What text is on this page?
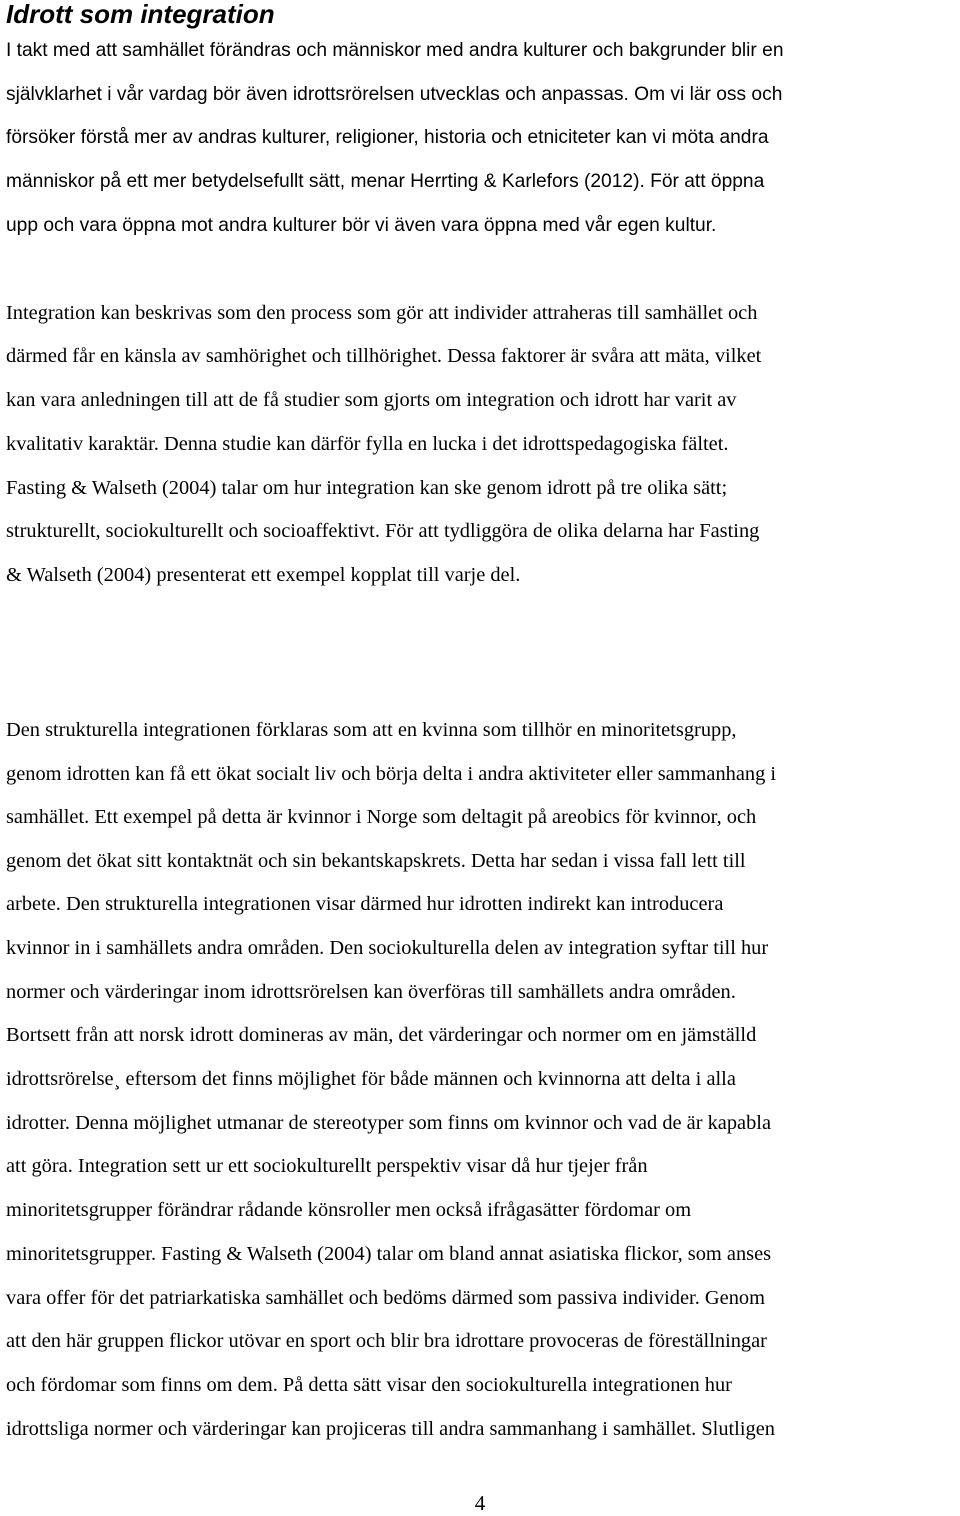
Idrott som integration

I takt med att samhället förändras och människor med andra kulturer och bakgrunder blir en

självklarhet i vår vardag bör även idrottsrörelsen utvecklas och anpassas. Om vi lär oss och

försöker förstå mer av andras kulturer, religioner, historia och etniciteter kan vi möta andra

människor på ett mer betydelsefullt sätt, menar Herrting & Karlefors (2012). För att öppna

upp och vara öppna mot andra kulturer bör vi även vara öppna med vår egen kultur.

Integration kan beskrivas som den process som gör att individer attraheras till samhället och

därmed får en känsla av samhörighet och tillhörighet. Dessa faktorer är svåra att mäta, vilket

kan vara anledningen till att de få studier som gjorts om integration och idrott har varit av

kvalitativ karaktär. Denna studie kan därför fylla en lucka i det idrottspedagogiska fältet.

Fasting & Walseth (2004) talar om hur integration kan ske genom idrott på tre olika sätt;

strukturellt, sociokulturellt och socioaffektivt. För att tydliggöra de olika delarna har Fasting

& Walseth (2004) presenterat ett exempel kopplat till varje del.

Den strukturella integrationen förklaras som att en kvinna som tillhör en minoritetsgrupp,

genom idrotten kan få ett ökat socialt liv och börja delta i andra aktiviteter eller sammanhang i

samhället. Ett exempel på detta är kvinnor i Norge som deltagit på areobics för kvinnor, och

genom det ökat sitt kontaktnät och sin bekantskapskrets. Detta har sedan i vissa fall lett till

arbete. Den strukturella integrationen visar därmed hur idrotten indirekt kan introducera

kvinnor in i samhällets andra områden. Den sociokulturella delen av integration syftar till hur

normer och värderingar inom idrottsrörelsen kan överföras till samhällets andra områden.

Bortsett från att norsk idrott domineras av män, det värderingar och normer om en jämställd

idrottsrörelse¸ eftersom det finns möjlighet för både männen och kvinnorna att delta i alla

idrotter. Denna möjlighet utmanar de stereotyper som finns om kvinnor och vad de är kapabla

att göra. Integration sett ur ett sociokulturellt perspektiv visar då hur tjejer från

minoritetsgrupper förändrar rådande könsroller men också ifrågasätter fördomar om

minoritetsgrupper. Fasting & Walseth (2004) talar om bland annat asiatiska flickor, som anses

vara offer för det patriarkatiska samhället och bedöms därmed som passiva individer. Genom

att den här gruppen flickor utövar en sport och blir bra idrottare provoceras de föreställningar

och fördomar som finns om dem. På detta sätt visar den sociokulturella integrationen hur

idrottsliga normer och värderingar kan projiceras till andra sammanhang i samhället. Slutligen

4
